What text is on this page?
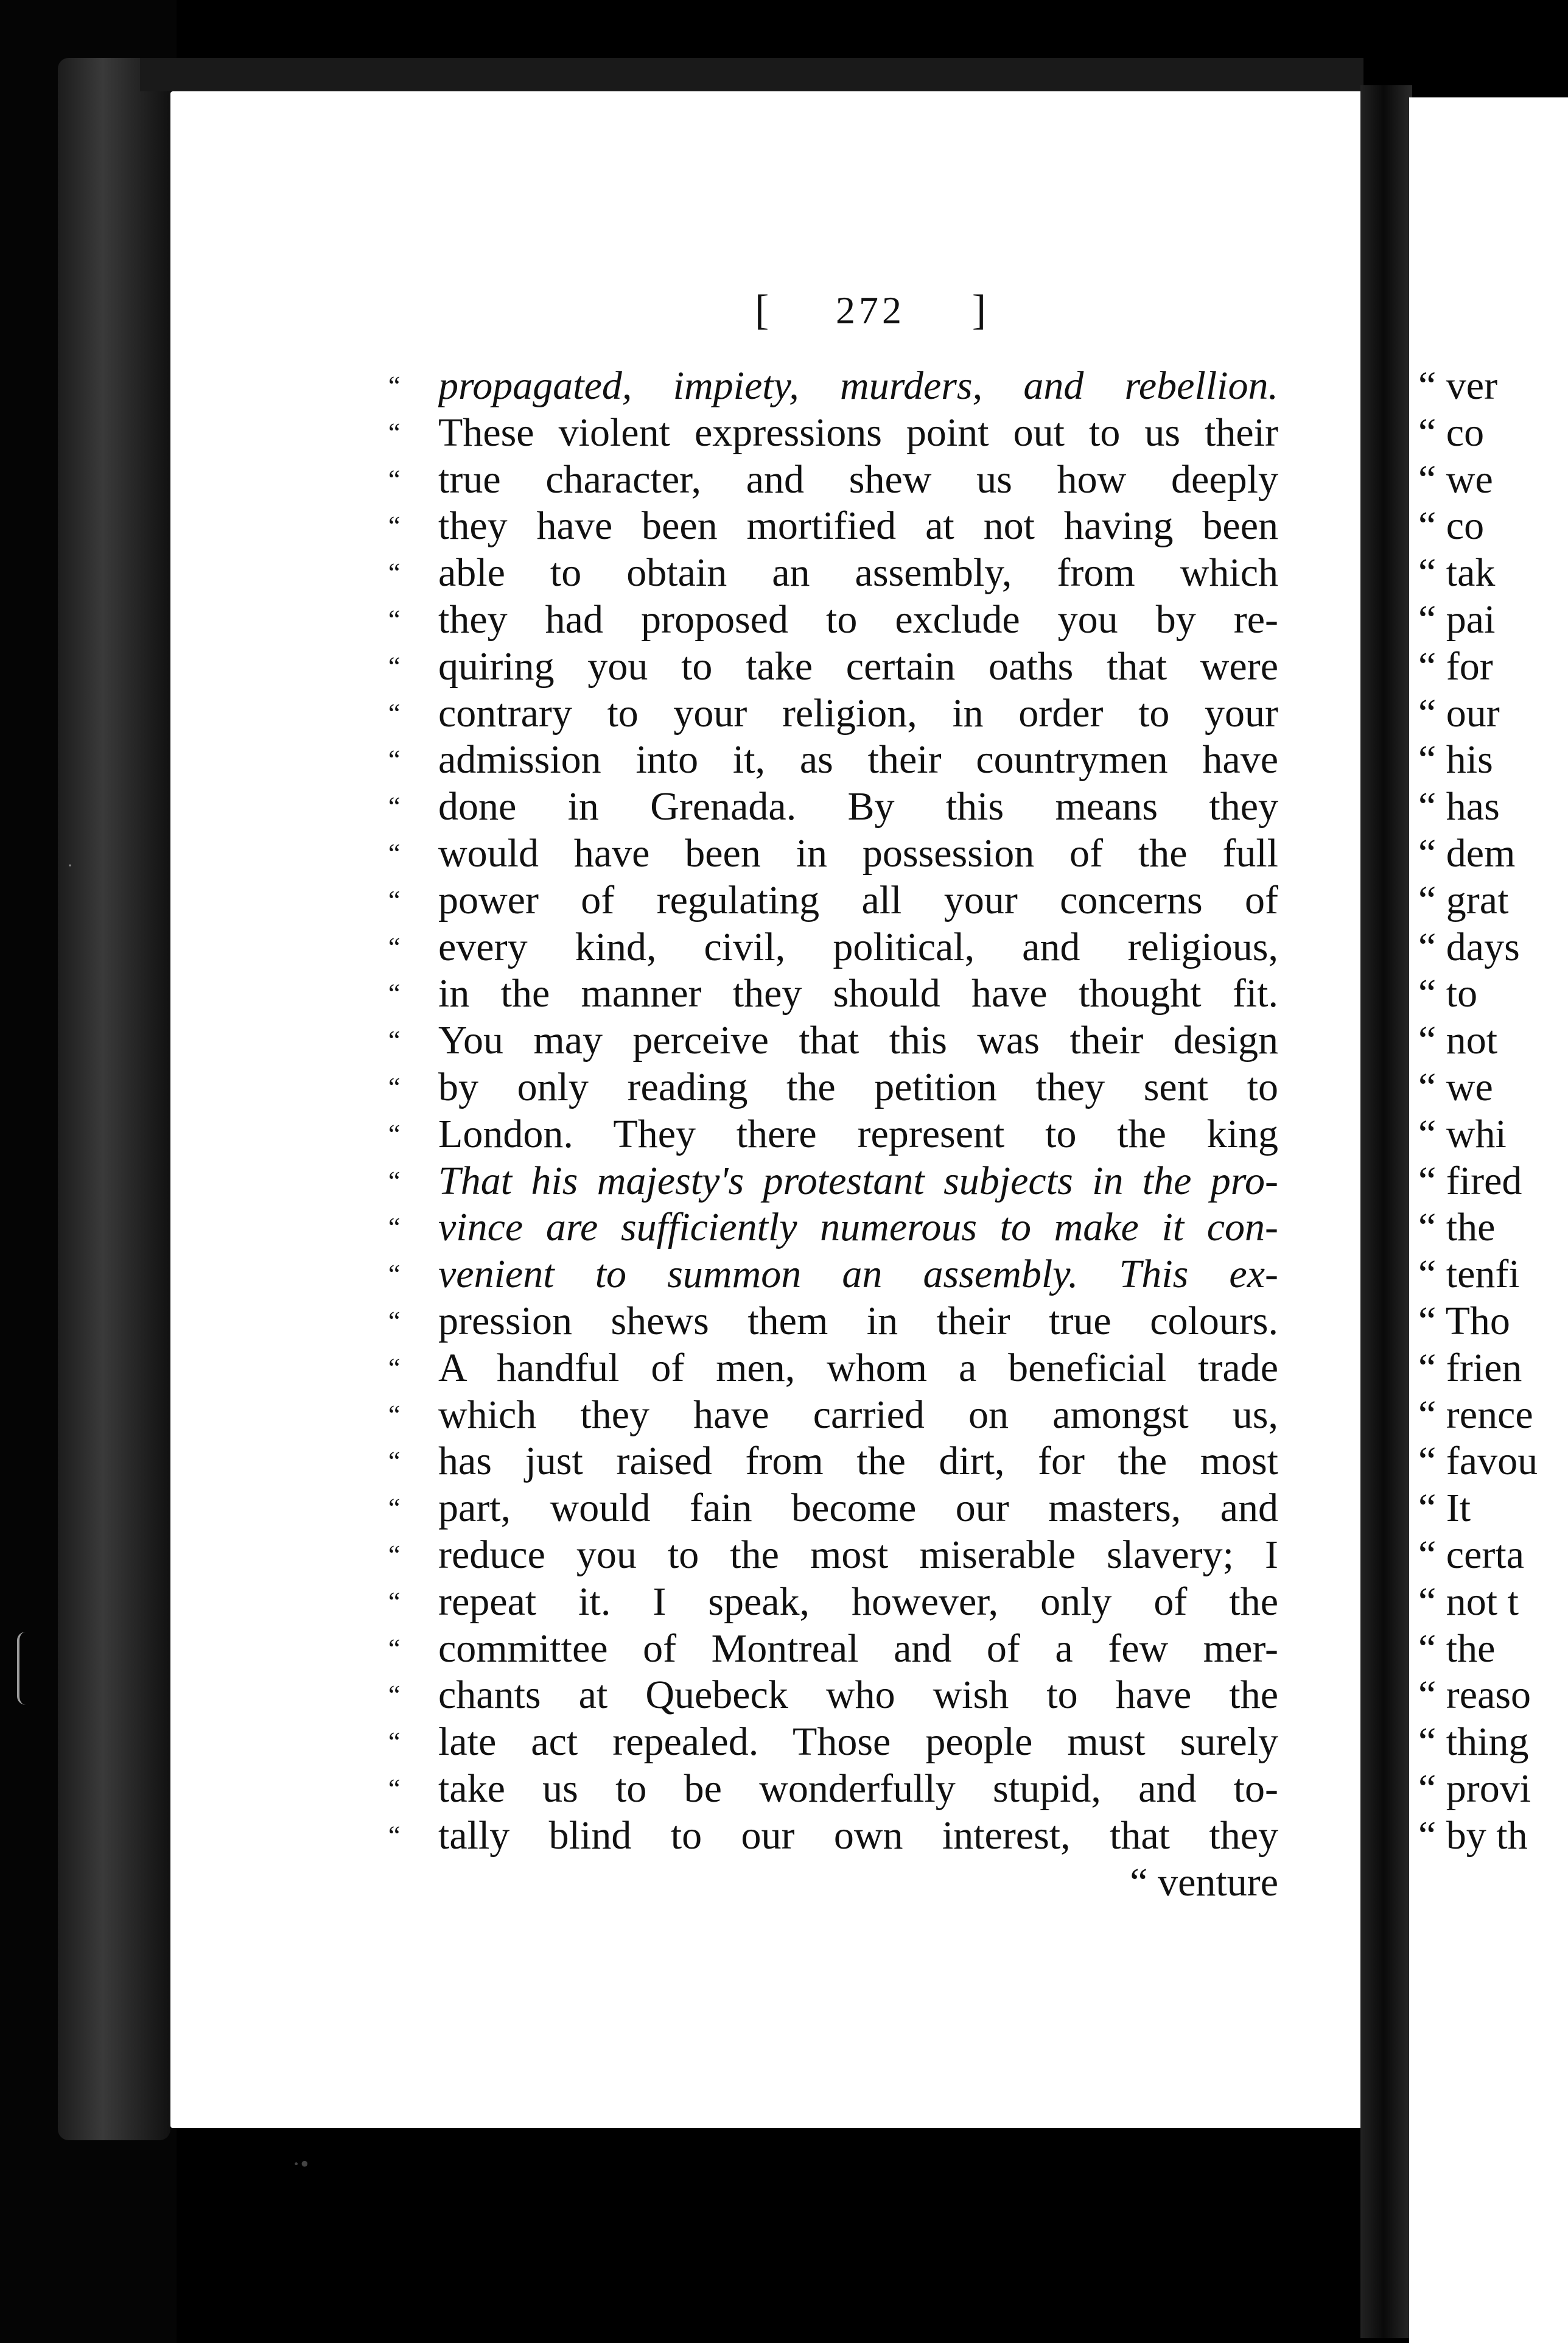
·
[ 272 ]
“ propagated, impiety, murders, and rebellion.
“ These violent expressions point out to us their
“ true character, and shew us how deeply
“ they have been mortified at not having been
“ able to obtain an assembly, from which
“ they had proposed to exclude you by re-
“ quiring you to take certain oaths that were
“ contrary to your religion, in order to your
“ admission into it, as their countrymen have
“ done in Grenada. By this means they
“ would have been in possession of the full
“ power of regulating all your concerns of
“ every kind, civil, political, and religious,
“ in the manner they should have thought fit.
“ You may perceive that this was their design
“ by only reading the petition they sent to
“ London. They there represent to the king
“ That his majesty's protestant subjects in the pro-
“ vince are sufficiently numerous to make it con-
“ venient to summon an assembly. This ex-
“ pression shews them in their true colours.
“ A handful of men, whom a beneficial trade
“ which they have carried on amongst us,
“ has just raised from the dirt, for the most
“ part, would fain become our masters, and
“ reduce you to the most miserable slavery; I
“ repeat it. I speak, however, only of the
“ committee of Montreal and of a few mer-
“ chants at Quebeck who wish to have the
“ late act repealed. Those people must surely
“ take us to be wonderfully stupid, and to-
“ tally blind to our own interest, that they
“ venture
“ ver
“ co
“ we
“ co
“ tak
“ pai
“ for
“ our
“ his
“ has
“ dem
“ grat
“ days
“ to
“ not
“ we
“ whi
“ fired
“ the
“ tenfi
“ Tho
“ frien
“ rence
“ favou
“ It
“ certa
“ not t
“ the
“ reaso
“ thing
“ provi
“ by th
·•
